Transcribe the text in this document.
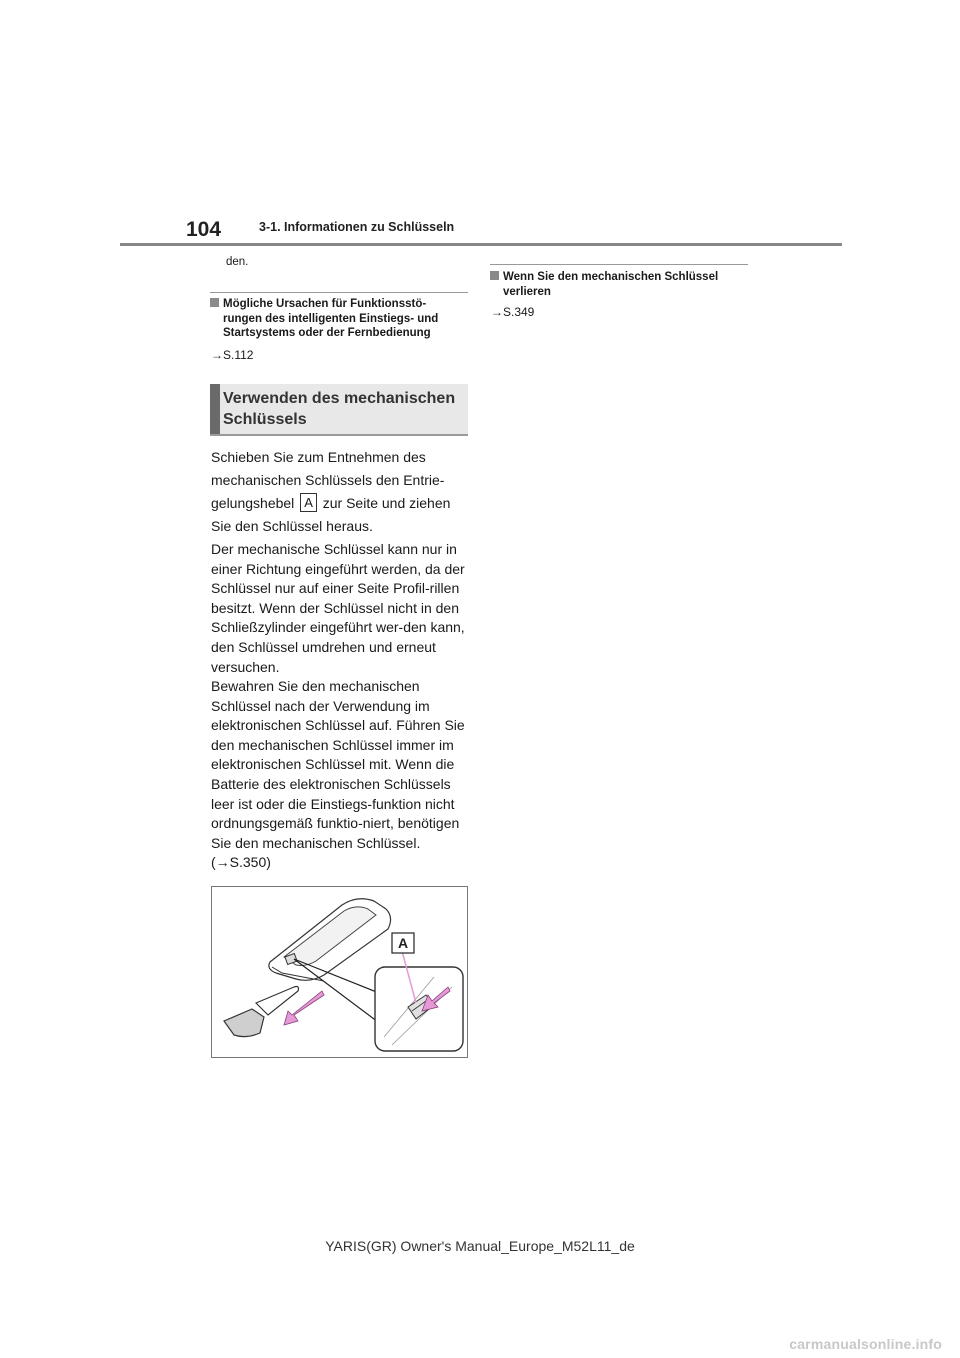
104	3-1. Informationen zu Schlüsseln
den.
Mögliche Ursachen für Funktionsstö-
rungen des intelligenten Einstiegs- und Startsystems oder der Fernbedienung
→S.112
Verwenden des mechanischen
Schlüssels
Schieben Sie zum Entnehmen des mechanischen Schlüssels den Entrie-gelungshebel A zur Seite und ziehen Sie den Schlüssel heraus.
Der mechanische Schlüssel kann nur in einer Richtung eingeführt werden, da der Schlüssel nur auf einer Seite Profil-rillen besitzt. Wenn der Schlüssel nicht in den Schließzylinder eingeführt wer-den kann, den Schlüssel umdrehen und erneut versuchen.
Bewahren Sie den mechanischen Schlüssel nach der Verwendung im elektronischen Schlüssel auf. Führen Sie den mechanischen Schlüssel immer im elektronischen Schlüssel mit. Wenn die Batterie des elektronischen Schlüssels leer ist oder die Einstiegs-funktion nicht ordnungsgemäß funktio-niert, benötigen Sie den mechanischen Schlüssel. (→S.350)
A
Wenn Sie den mechanischen Schlüssel
verlieren
→S.349
YARIS(GR) Owner's Manual_Europe_M52L11_de
carmanualsonline.info
